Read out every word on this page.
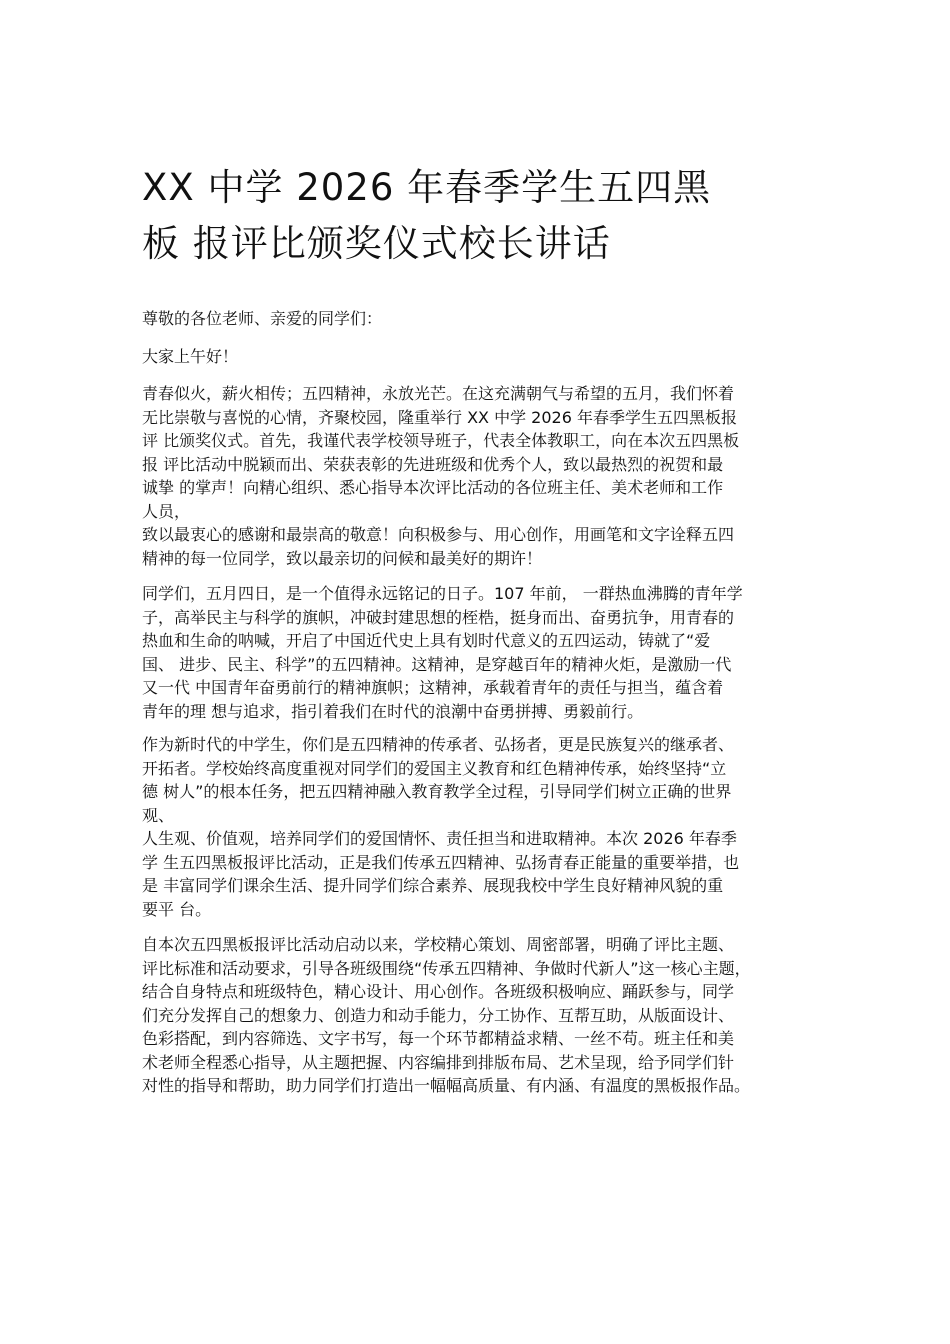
XX 中学 2026 年春季学生五四黑
板 报评比颁奖仪式校长讲话
尊敬的各位老师、亲爱的同学们：
大家上午好！
青春似火，薪火相传；五四精神，永放光芒。在这充满朝气与希望的五月，我们怀着
无比崇敬与喜悦的心情，齐聚校园，隆重举行 XX 中学 2026 年春季学生五四黑板报
评 比颁奖仪式。首先，我谨代表学校领导班子，代表全体教职工，向在本次五四黑板
报 评比活动中脱颖而出、荣获表彰的先进班级和优秀个人，致以最热烈的祝贺和最
诚挚 的掌声！向精心组织、悉心指导本次评比活动的各位班主任、美术老师和工作
人员，
致以最衷心的感谢和最崇高的敬意！向积极参与、用心创作，用画笔和文字诠释五四
精神的每一位同学，致以最亲切的问候和最美好的期许！
同学们，五月四日，是一个值得永远铭记的日子。107 年前， 一群热血沸腾的青年学
子，高举民主与科学的旗帜，冲破封建思想的桎梏，挺身而出、奋勇抗争，用青春的
热血和生命的呐喊，开启了中国近代史上具有划时代意义的五四运动，铸就了“爱
国、 进步、民主、科学”的五四精神。这精神，是穿越百年的精神火炬，是激励一代
又一代 中国青年奋勇前行的精神旗帜；这精神，承载着青年的责任与担当，蕴含着
青年的理 想与追求，指引着我们在时代的浪潮中奋勇拼搏、勇毅前行。
作为新时代的中学生，你们是五四精神的传承者、弘扬者，更是民族复兴的继承者、
开拓者。学校始终高度重视对同学们的爱国主义教育和红色精神传承，始终坚持“立
德 树人”的根本任务，把五四精神融入教育教学全过程，引导同学们树立正确的世界
观、
人生观、价值观，培养同学们的爱国情怀、责任担当和进取精神。本次 2026 年春季
学 生五四黑板报评比活动，正是我们传承五四精神、弘扬青春正能量的重要举措，也
是 丰富同学们课余生活、提升同学们综合素养、展现我校中学生良好精神风貌的重
要平 台。
自本次五四黑板报评比活动启动以来，学校精心策划、周密部署，明确了评比主题、
评比标准和活动要求，引导各班级围绕“传承五四精神、争做时代新人”这一核心主题，
结合自身特点和班级特色，精心设计、用心创作。各班级积极响应、踊跃参与，同学
们充分发挥自己的想象力、创造力和动手能力，分工协作、互帮互助，从版面设计、
色彩搭配，到内容筛选、文字书写，每一个环节都精益求精、一丝不苟。班主任和美
术老师全程悉心指导，从主题把握、内容编排到排版布局、艺术呈现，给予同学们针
对性的指导和帮助，助力同学们打造出一幅幅高质量、有内涵、有温度的黑板报作品。
